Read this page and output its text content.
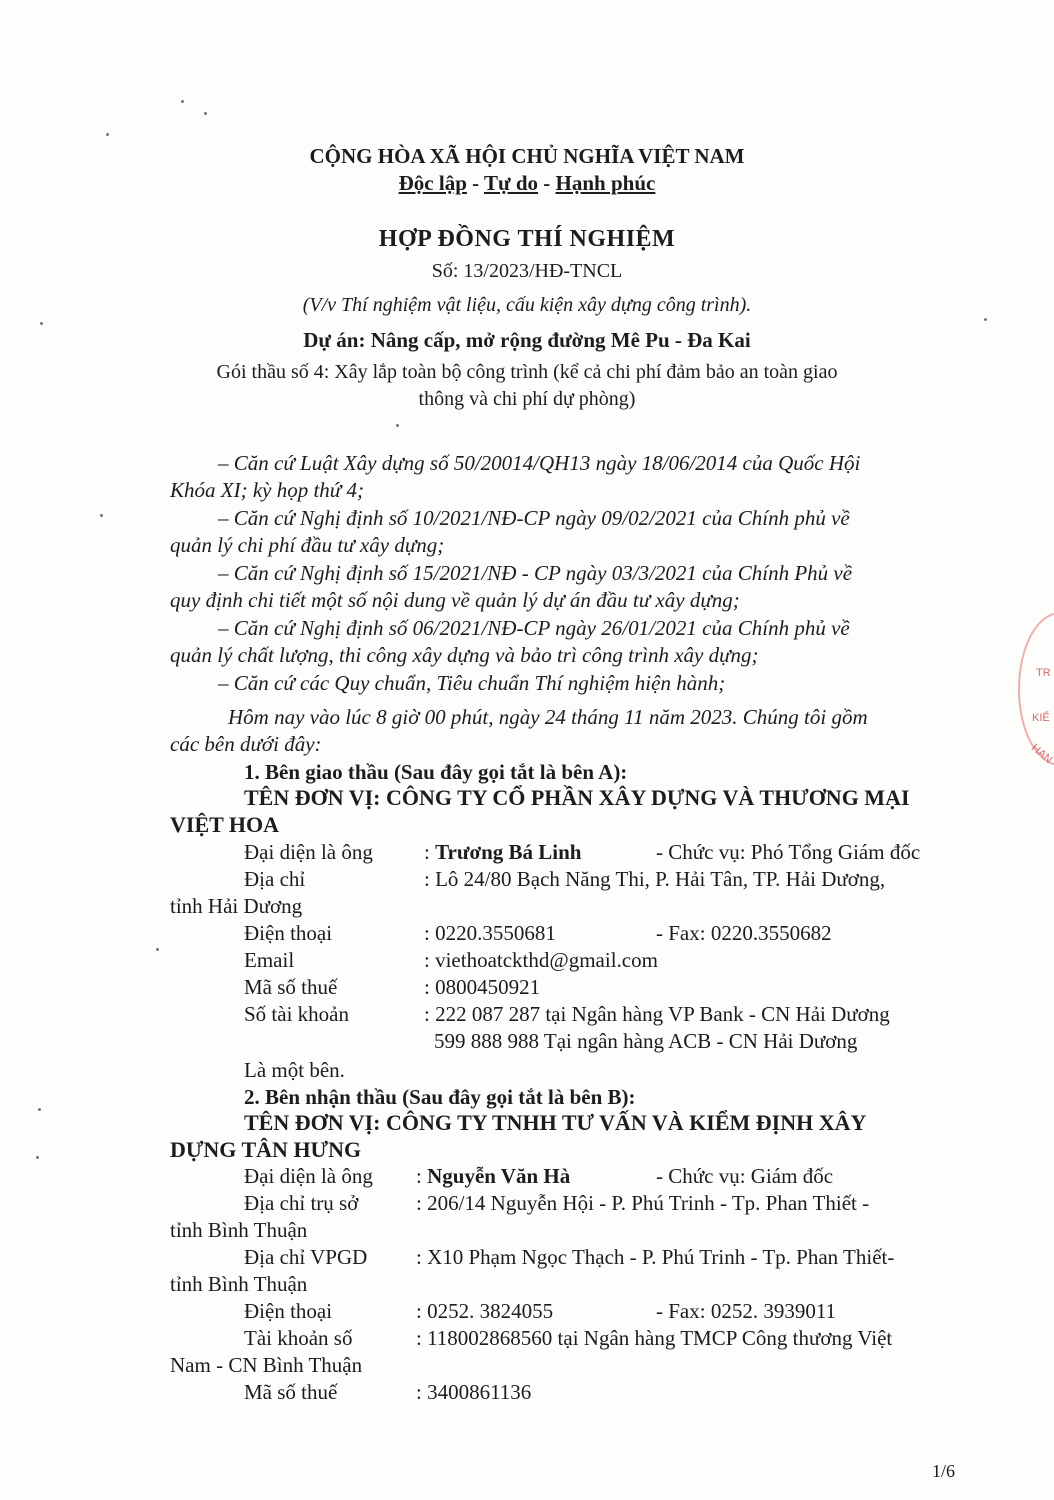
CỘNG HÒA XÃ HỘI CHỦ NGHĨA VIỆT NAM
Độc lập - Tự do - Hạnh phúc
HỢP ĐỒNG THÍ NGHIỆM
Số: 13/2023/HĐ-TNCL
(V/v Thí nghiệm vật liệu, cấu kiện xây dựng công trình).
Dự án: Nâng cấp, mở rộng đường Mê Pu - Đa Kai
Gói thầu số 4: Xây lắp toàn bộ công trình (kể cả chi phí đảm bảo an toàn giao
thông và chi phí dự phòng)
– Căn cứ Luật Xây dựng số 50/20014/QH13 ngày 18/06/2014 của Quốc Hội
Khóa XI; kỳ họp thứ 4;
– Căn cứ Nghị định số 10/2021/NĐ-CP ngày 09/02/2021 của Chính phủ về
quản lý chi phí đầu tư xây dựng;
– Căn cứ Nghị định số 15/2021/NĐ - CP ngày 03/3/2021 của Chính Phủ về
quy định chi tiết một số nội dung về quản lý dự án đầu tư xây dựng;
– Căn cứ Nghị định số 06/2021/NĐ-CP ngày 26/01/2021 của Chính phủ về
quản lý chất lượng, thi công xây dựng và bảo trì công trình xây dựng;
– Căn cứ các Quy chuẩn, Tiêu chuẩn Thí nghiệm hiện hành;
Hôm nay vào lúc 8 giờ 00 phút, ngày 24 tháng 11 năm 2023. Chúng tôi gồm
các bên dưới đây:
1. Bên giao thầu (Sau đây gọi tắt là bên A):
TÊN ĐƠN VỊ: CÔNG TY CỔ PHẦN XÂY DỰNG VÀ THƯƠNG MẠI
VIỆT HOA
Đại diện là ông : Trương Bá Linh	- Chức vụ: Phó Tổng Giám đốc
Địa chỉ	: Lô 24/80 Bạch Năng Thi, P. Hải Tân, TP. Hải Dương,
tỉnh Hải Dương
Điện thoại	: 0220.3550681	- Fax: 0220.3550682
Email	: viethoatckthd@gmail.com
Mã số thuế	: 0800450921
Số tài khoản	: 222 087 287 tại Ngân hàng VP Bank - CN Hải Dương
599 888 988 Tại ngân hàng ACB - CN Hải Dương
Là một bên.
2. Bên nhận thầu (Sau đây gọi tắt là bên B):
TÊN ĐƠN VỊ: CÔNG TY TNHH TƯ VẤN VÀ KIỂM ĐỊNH XÂY
DỰNG TÂN HƯNG
Đại diện là ông : Nguyễn Văn Hà	- Chức vụ: Giám đốc
Địa chỉ trụ sở	: 206/14 Nguyễn Hội - P. Phú Trinh - Tp. Phan Thiết -
tỉnh Bình Thuận
Địa chỉ VPGD : X10 Phạm Ngọc Thạch - P. Phú Trinh - Tp. Phan Thiết-
tỉnh Bình Thuận
Điện thoại	: 0252. 3824055	- Fax: 0252. 3939011
Tài khoản số	: 118002868560 tại Ngân hàng TMCP Công thương Việt
Nam - CN Bình Thuận
Mã số thuế	: 3400861136
TR
KIỂ
HAN
1/6
